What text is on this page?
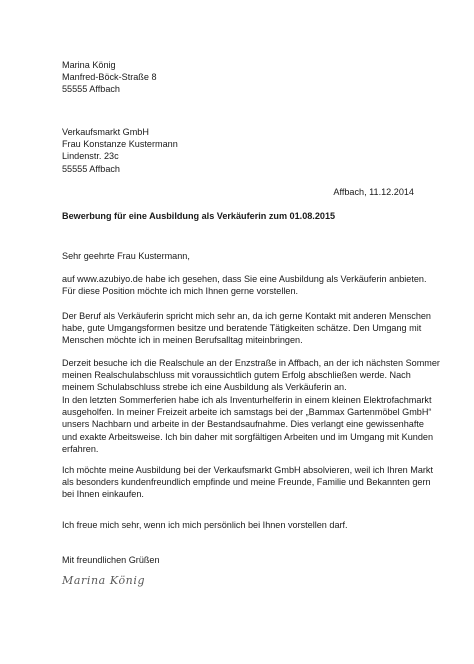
Marina König
Manfred-Böck-Straße 8
55555 Affbach
Verkaufsmarkt GmbH
Frau Konstanze Kustermann
Lindenstr. 23c
55555 Affbach
Affbach, 11.12.2014
Bewerbung für eine Ausbildung als Verkäuferin zum 01.08.2015
Sehr geehrte Frau Kustermann,
auf www.azubiyo.de habe ich gesehen, dass Sie eine Ausbildung als Verkäuferin anbieten.
Für diese Position möchte ich mich Ihnen gerne vorstellen.
Der Beruf als Verkäuferin spricht mich sehr an, da ich gerne Kontakt mit anderen Menschen
habe, gute Umgangsformen besitze und beratende Tätigkeiten schätze. Den Umgang mit
Menschen möchte ich in meinen Berufsalltag miteinbringen.
Derzeit besuche ich die Realschule an der Enzstraße in Affbach, an der ich nächsten Sommer
meinen Realschulabschluss mit voraussichtlich gutem Erfolg abschließen werde. Nach
meinem Schulabschluss strebe ich eine Ausbildung als Verkäuferin an.
In den letzten Sommerferien habe ich als Inventurhelferin in einem kleinen Elektrofachmarkt
ausgeholfen. In meiner Freizeit arbeite ich samstags bei der „Bammax Gartenmöbel GmbH“
unsers Nachbarn und arbeite in der Bestandsaufnahme. Dies verlangt eine gewissenhafte
und exakte Arbeitsweise. Ich bin daher mit sorgfältigen Arbeiten und im Umgang mit Kunden
erfahren.
Ich möchte meine Ausbildung bei der Verkaufsmarkt GmbH absolvieren, weil ich Ihren Markt
als besonders kundenfreundlich empfinde und meine Freunde, Familie und Bekannten gern
bei Ihnen einkaufen.
Ich freue mich sehr, wenn ich mich persönlich bei Ihnen vorstellen darf.
Mit freundlichen Grüßen
Marina König
